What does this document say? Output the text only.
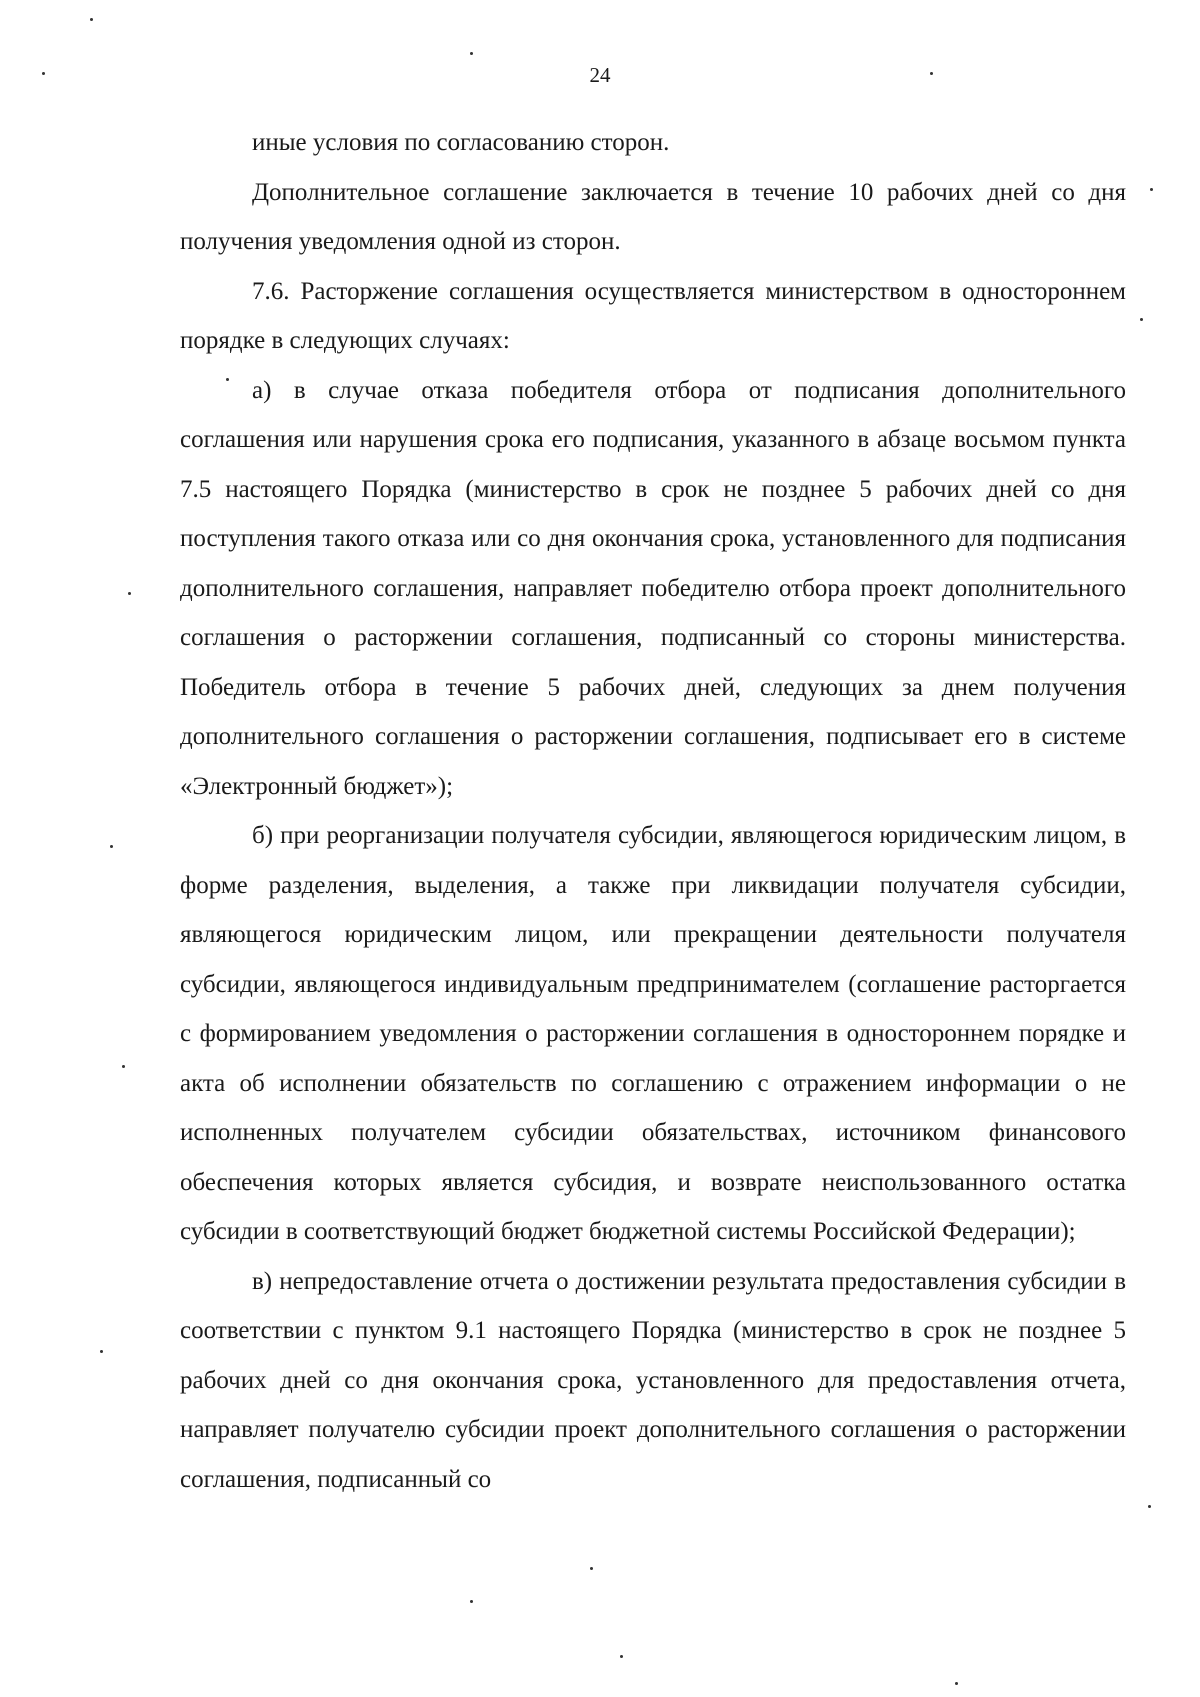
24

иные условия по согласованию сторон.

Дополнительное соглашение заключается в течение 10 рабочих дней со дня получения уведомления одной из сторон.

7.6. Расторжение соглашения осуществляется министерством в одностороннем порядке в следующих случаях:

а) в случае отказа победителя отбора от подписания дополнительного соглашения или нарушения срока его подписания, указанного в абзаце восьмом пункта 7.5 настоящего Порядка (министерство в срок не позднее 5 рабочих дней со дня поступления такого отказа или со дня окончания срока, установленного для подписания дополнительного соглашения, направляет победителю отбора проект дополнительного соглашения о расторжении соглашения, подписанный со стороны министерства. Победитель отбора в течение 5 рабочих дней, следующих за днем получения дополнительного соглашения о расторжении соглашения, подписывает его в системе «Электронный бюджет»);

б) при реорганизации получателя субсидии, являющегося юридическим лицом, в форме разделения, выделения, а также при ликвидации получателя субсидии, являющегося юридическим лицом, или прекращении деятельности получателя субсидии, являющегося индивидуальным предпринимателем (соглашение расторгается с формированием уведомления о расторжении соглашения в одностороннем порядке и акта об исполнении обязательств по соглашению с отражением информации о не исполненных получателем субсидии обязательствах, источником финансового обеспечения которых является субсидия, и возврате неиспользованного остатка субсидии в соответствующий бюджет бюджетной системы Российской Федерации);

в) непредоставление отчета о достижении результата предоставления субсидии в соответствии с пунктом 9.1 настоящего Порядка (министерство в срок не позднее 5 рабочих дней со дня окончания срока, установленного для предоставления отчета, направляет получателю субсидии проект дополнительного соглашения о расторжении соглашения, подписанный со
